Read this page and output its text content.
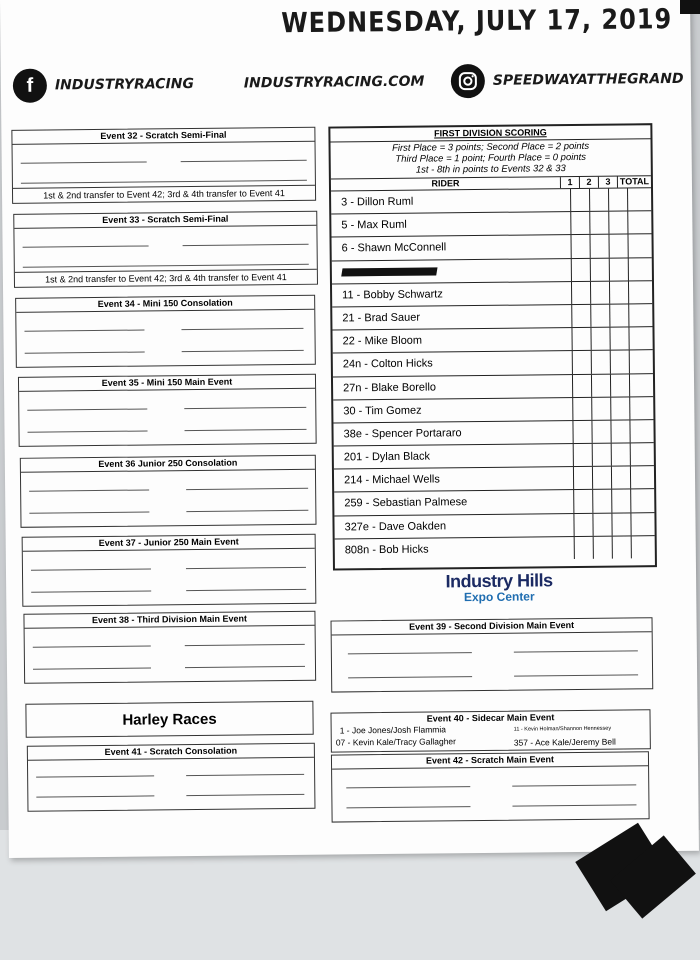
WEDNESDAY, JULY 17, 2019
f INDUSTRYRACING	INDUSTRYRACING.COM	SPEEDWAYATTHEGRAND
Event 32 - Scratch Semi-Final
1st & 2nd transfer to Event 42; 3rd & 4th transfer to Event 41
Event 33 - Scratch Semi-Final
1st & 2nd transfer to Event 42; 3rd & 4th transfer to Event 41
Event 34 - Mini 150 Consolation
Event 35 - Mini 150 Main Event
Event 36 Junior 250 Consolation
Event 37 - Junior 250 Main Event
Event 38 - Third Division Main Event
Harley Races
Event 41 - Scratch Consolation
FIRST DIVISION SCORING
First Place = 3 points; Second Place = 2 points
Third Place = 1 point; Fourth Place = 0 points
1st - 8th in points to Events 32 & 33
RIDER	1	2	3	TOTAL
3 - Dillon Ruml
5 - Max Ruml
6 - Shawn McConnell
11 - Bobby Schwartz
21 - Brad Sauer
22 - Mike Bloom
24n - Colton Hicks
27n - Blake Borello
30 - Tim Gomez
38e - Spencer Portararo
201 - Dylan Black
214 - Michael Wells
259 - Sebastian Palmese
327e - Dave Oakden
808n - Bob Hicks
Industry Hills
Expo Center
Event 39 - Second Division Main Event
Event 40 - Sidecar Main Event
1 - Joe Jones/Josh Flammia
07 - Kevin Kale/Tracy Gallagher
11 - Kevin Holman/Shannon Hennessey
357 - Ace Kale/Jeremy Bell
Event 42 - Scratch Main Event
